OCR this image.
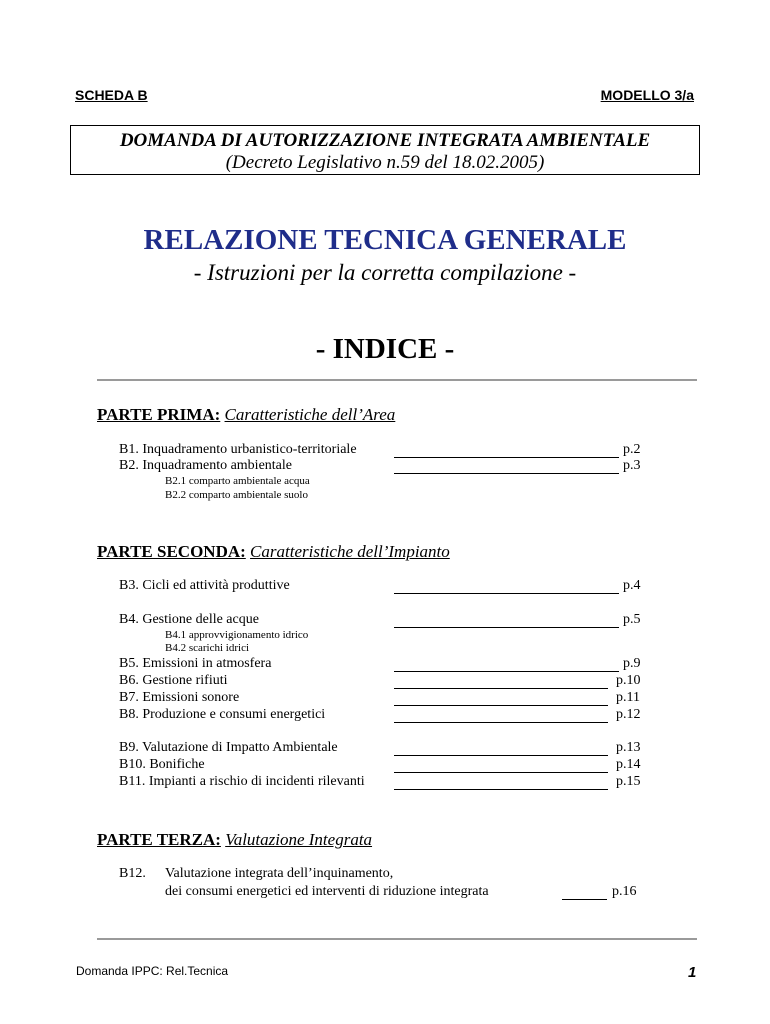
SCHEDA B	MODELLO 3/a
DOMANDA DI AUTORIZZAZIONE INTEGRATA AMBIENTALE
(Decreto Legislativo n.59 del 18.02.2005)
RELAZIONE TECNICA GENERALE
- Istruzioni per la corretta compilazione -
- INDICE -
PARTE PRIMA: Caratteristiche dell’Area
B1. Inquadramento urbanistico-territoriale	p.2
B2. Inquadramento ambientale	p.3
B2.1 comparto ambientale acqua
B2.2 comparto ambientale suolo
PARTE SECONDA: Caratteristiche dell’Impianto
B3. Cicli ed attività produttive	p.4
B4. Gestione delle acque	p.5
B4.1 approvvigionamento idrico
B4.2 scarichi idrici
B5. Emissioni in atmosfera	p.9
B6. Gestione rifiuti	p.10
B7. Emissioni sonore	p.11
B8. Produzione e consumi energetici	p.12
B9. Valutazione di Impatto Ambientale	p.13
B10. Bonifiche	p.14
B11. Impianti a rischio di incidenti rilevanti	p.15
PARTE TERZA: Valutazione Integrata
B12. Valutazione integrata dell’inquinamento,
dei consumi energetici ed interventi di riduzione integrata	p.16
Domanda IPPC: Rel.Tecnica	1
